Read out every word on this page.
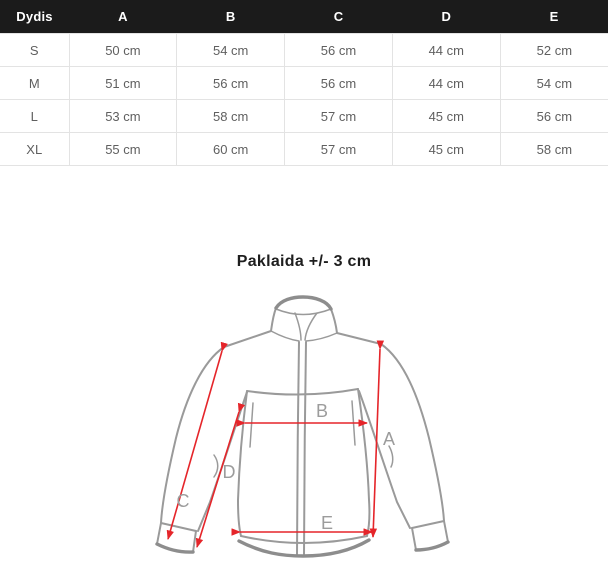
Dydis	A	B	C	D	E
S	50 cm	54 cm	56 cm	44 cm	52 cm
M	51 cm	56 cm	56 cm	44 cm	54 cm
L	53 cm	58 cm	57 cm	45 cm	56 cm
XL	55 cm	60 cm	57 cm	45 cm	58 cm
Paklaida +/- 3 cm
B
A
D
C
E
